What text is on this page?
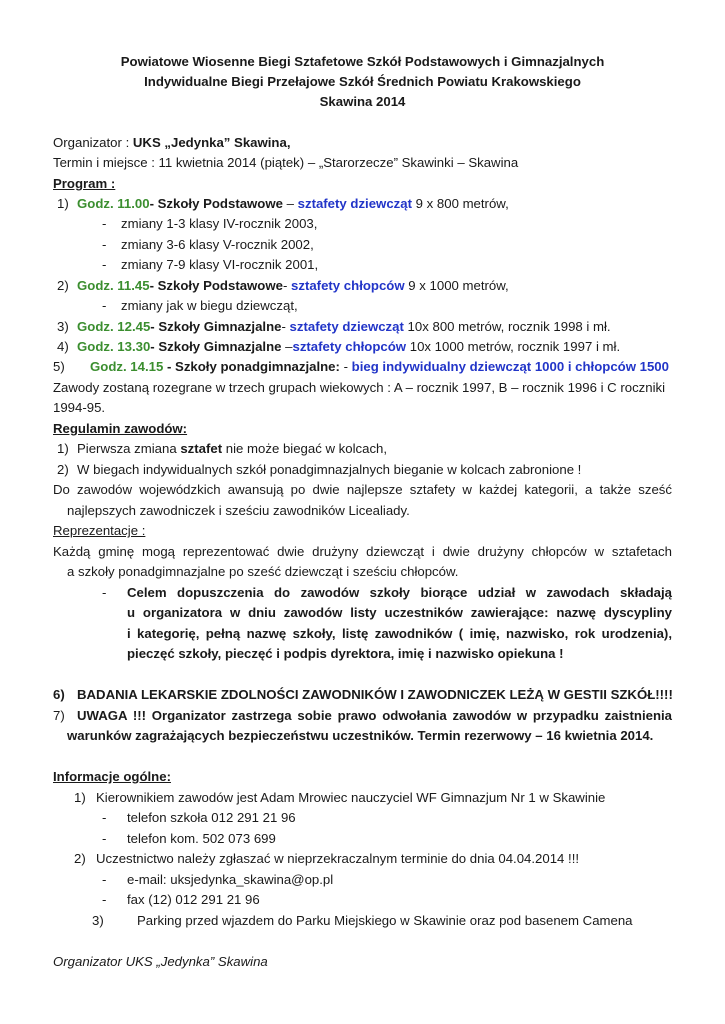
Powiatowe Wiosenne Biegi Sztafetowe Szkół Podstawowych i Gimnazjalnych
Indywidualne Biegi Przełajowe Szkół Średnich Powiatu Krakowskiego
Skawina 2014
Organizator : UKS „Jedynka” Skawina,
Termin i miejsce : 11 kwietnia 2014 (piątek) – „Starorzecze” Skawinki – Skawina
Program :
1) Godz. 11.00- Szkoły Podstawowe – sztafety dziewcząt 9 x 800 metrów,
- zmiany 1-3 klasy IV-rocznik 2003,
- zmiany 3-6 klasy V-rocznik 2002,
- zmiany 7-9 klasy VI-rocznik 2001,
2) Godz. 11.45- Szkoły Podstawowe- sztafety chłopców 9 x 1000 metrów,
- zmiany jak w biegu dziewcząt,
3) Godz. 12.45- Szkoły Gimnazjalne- sztafety dziewcząt 10x 800 metrów, rocznik 1998 i mł.
4) Godz. 13.30- Szkoły Gimnazjalne –sztafety chłopców 10x 1000 metrów, rocznik 1997 i mł.
5) Godz. 14.15 - Szkoły ponadgimnazjalne: - bieg indywidualny dziewcząt 1000 i chłopców 1500
Zawody zostaną rozegrane w trzech grupach wiekowych : A – rocznik 1997, B – rocznik 1996 i C roczniki
1994-95.
Regulamin zawodów:
1) Pierwsza zmiana sztafet nie może biegać w kolcach,
2) W biegach indywidualnych szkół ponadgimnazjalnych bieganie w kolcach zabronione !
Do zawodów wojewódzkich awansują po dwie najlepsze sztafety w każdej kategorii, a także sześć
najlepszych zawodniczek i sześciu zawodników Licealiady.
Reprezentacje :
Każdą gminę mogą reprezentować dwie drużyny dziewcząt i dwie drużyny chłopców w sztafetach
a szkoły ponadgimnazjalne po sześć dziewcząt i sześciu chłopców.
- Celem dopuszczenia do zawodów szkoły biorące udział w zawodach składają
u organizatora w dniu zawodów listy uczestników zawierające: nazwę dyscypliny
i kategorię, pełną nazwę szkoły, listę zawodników ( imię, nazwisko, rok urodzenia),
pieczęć szkoły, pieczęć i podpis dyrektora, imię i nazwisko opiekuna !
6) BADANIA LEKARSKIE ZDOLNOŚCI ZAWODNIKÓW I ZAWODNICZEK LEŻĄ W GESTII SZKÓŁ!!!!
7) UWAGA !!! Organizator zastrzega sobie prawo odwołania zawodów w przypadku zaistnienia
warunków zagrażających bezpieczeństwu uczestników. Termin rezerwowy – 16 kwietnia 2014.
Informacje ogólne:
1) Kierownikiem zawodów jest Adam Mrowiec nauczyciel WF Gimnazjum Nr 1 w Skawinie
- telefon szkoła 012 291 21 96
- telefon kom. 502 073 699
2) Uczestnictwo należy zgłaszać w nieprzekraczalnym terminie do dnia 04.04.2014 !!!
- e-mail: uksjedynka_skawina@op.pl
- fax (12) 012 291 21 96
3)	Parking przed wjazdem do Parku Miejskiego w Skawinie oraz pod basenem Camena
Organizator UKS „Jedynka” Skawina
